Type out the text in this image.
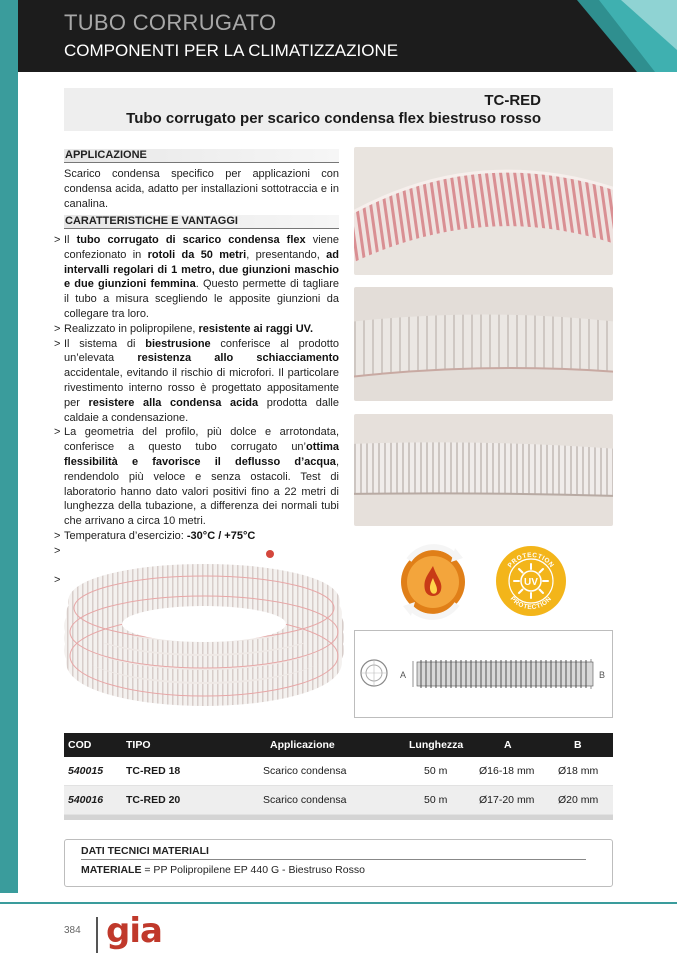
TUBO CORRUGATO
COMPONENTI PER LA CLIMATIZZAZIONE
TC-RED
Tubo corrugato per scarico condensa flex biestruso rosso
APPLICAZIONE
Scarico condensa specifico per applicazioni con condensa acida, adatto per installazioni sottotraccia e in canalina.
CARATTERISTICHE E VANTAGGI
> Il tubo corrugato di scarico condensa flex viene confezionato in rotoli da 50 metri, presentando, ad intervalli regolari di 1 metro, due giunzioni maschio e due giunzioni femmina. Questo permette di tagliare il tubo a misura scegliendo le apposite giunzioni da collegare tra loro.
> Realizzato in polipropilene, resistente ai raggi UV.
> Il sistema di biestrusione conferisce al prodotto un’elevata resistenza allo schiacciamento accidentale, evitando il rischio di microfori. Il particolare rivestimento interno rosso è progettato appositamente per resistere alla condensa acida prodotta dalle caldaie a condensazione.
> La geometria del profilo, più dolce e arrotondata, conferisce a questo tubo corrugato un’ottima flessibilità e favorisce il deflusso d’acqua, rendendolo più veloce e senza ostacoli. Test di laboratorio hanno dato valori positivi fino a 22 metri di lunghezza della tubazione, a differenza dei normali tubi che arrivano a circa 10 metri.
> Temperatura d’esercizio: -30°C / +75°C
>
>	UV
PROTECTION
PROTECTION
A	B
COD	TIPO	Applicazione	Lunghezza	A	B
540015 TC-RED 18	Scarico condensa	50 m	Ø16-18 mm Ø18 mm
540016 TC-RED 20	Scarico condensa	50 m	Ø17-20 mm Ø20 mm
DATI TECNICI MATERIALI
MATERIALE = PP Polipropilene EP 440 G - Biestruso Rosso
384 gia
